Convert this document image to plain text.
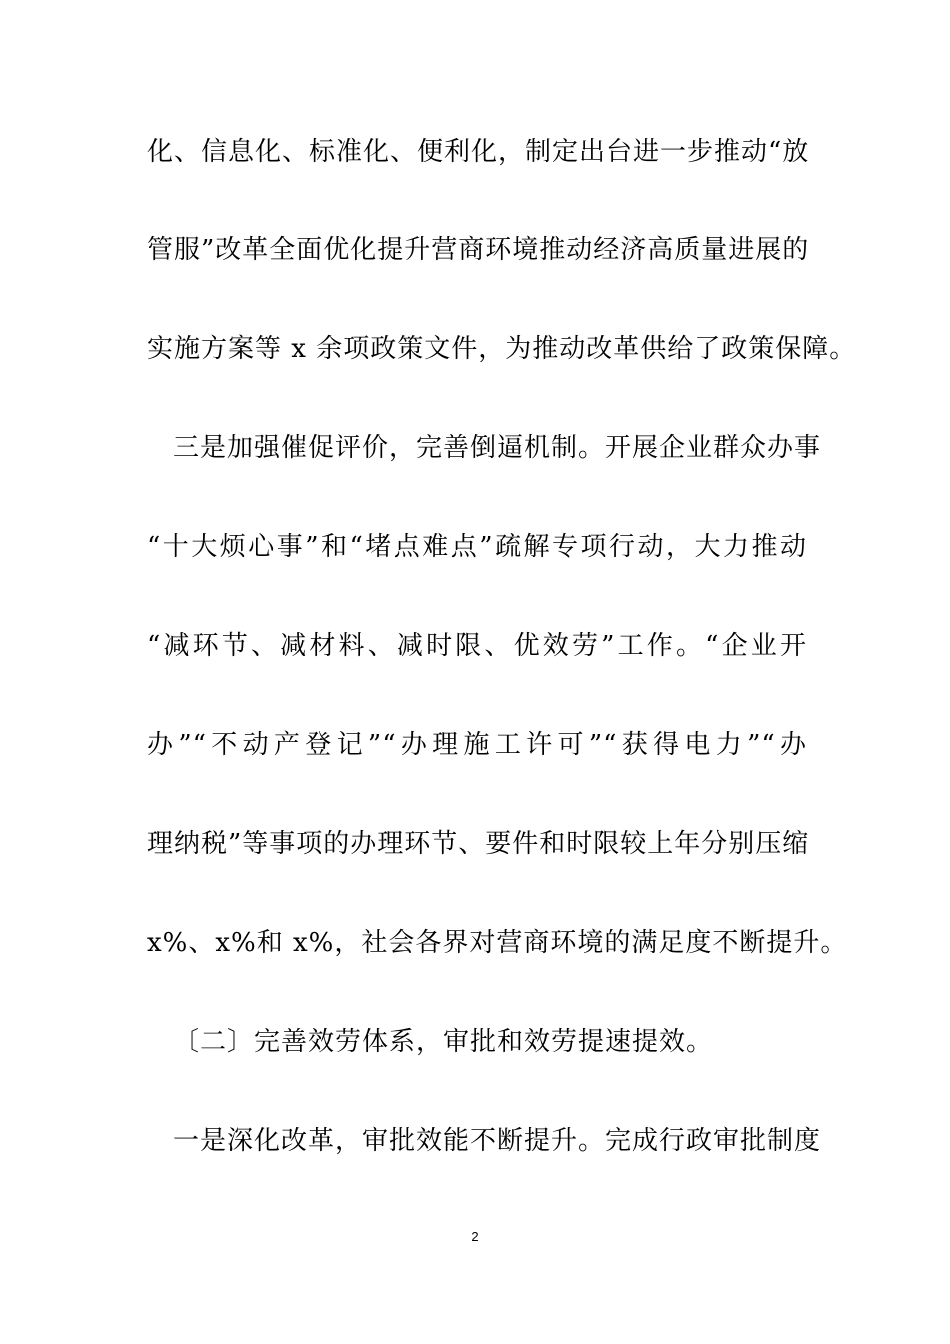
化、信息化、标准化、便利化，制定出台进一步推动“放
管服”改革全面优化提升营商环境推动经济高质量进展的
实施方案等 x 余项政策文件，为推动改革供给了政策保障。
三是加强催促评价，完善倒逼机制。开展企业群众办事
“十大烦心事”和“堵点难点”疏解专项行动，大力推动
“减环节、减材料、减时限、优效劳”工作。“企业开
办”“不动产登记”“办理施工许可”“获得电力”“办
理纳税”等事项的办理环节、要件和时限较上年分别压缩
x%、x%和 x%，社会各界对营商环境的满足度不断提升。
〔二〕完善效劳体系，审批和效劳提速提效。
一是深化改革，审批效能不断提升。完成行政审批制度
2
